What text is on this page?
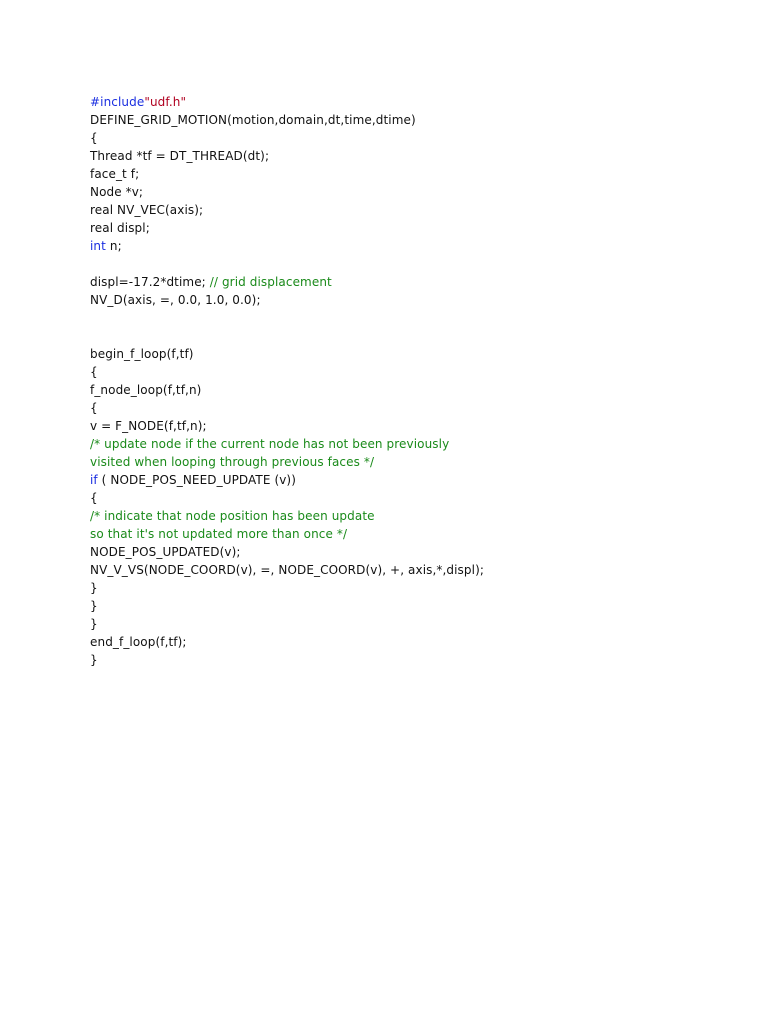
#include"udf.h"
DEFINE_GRID_MOTION(motion,domain,dt,time,dtime)
{
Thread *tf = DT_THREAD(dt);
face_t f;
Node *v;
real NV_VEC(axis);
real displ;
int n;
displ=-17.2*dtime; // grid displacement
NV_D(axis, =, 0.0, 1.0, 0.0);
begin_f_loop(f,tf)
{
f_node_loop(f,tf,n)
{
v = F_NODE(f,tf,n);
/* update node if the current node has not been previously
visited when looping through previous faces */
if ( NODE_POS_NEED_UPDATE (v))
{
/* indicate that node position has been update
so that it's not updated more than once */
NODE_POS_UPDATED(v);
NV_V_VS(NODE_COORD(v), =, NODE_COORD(v), +, axis,*,displ);
}
}
}
end_f_loop(f,tf);
}
